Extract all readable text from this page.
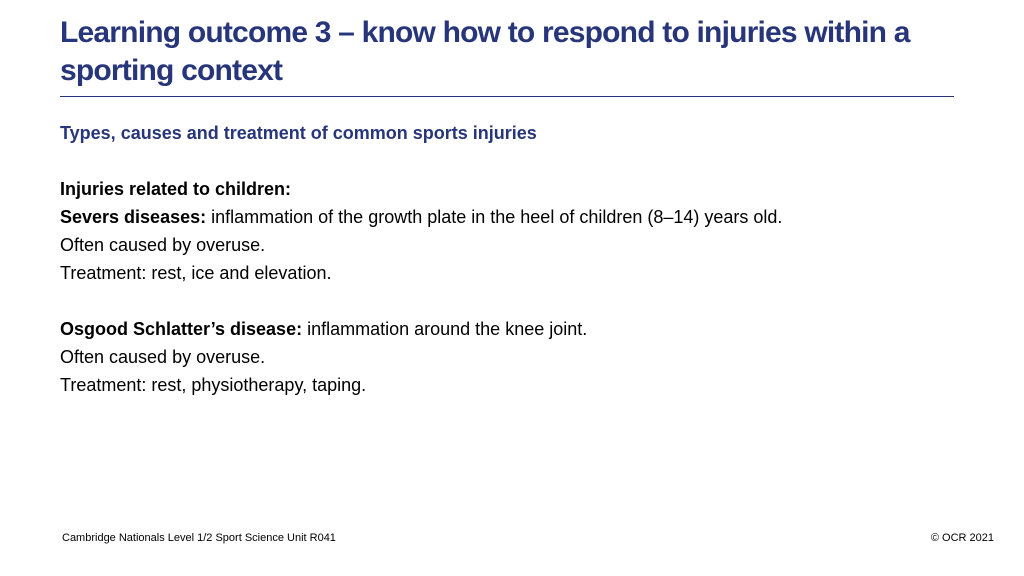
Learning outcome 3 – know how to respond to injuries within a sporting context
Types, causes and treatment of common sports injuries

Injuries related to children:

Severs diseases: inflammation of the growth plate in the heel of children (8–14) years old.

Often caused by overuse.

Treatment: rest, ice and elevation.

Osgood Schlatter’s disease: inflammation around the knee joint.

Often caused by overuse.

Treatment: rest, physiotherapy, taping.

Cambridge Nationals Level 1/2 Sport Science Unit R041	© OCR 2021
